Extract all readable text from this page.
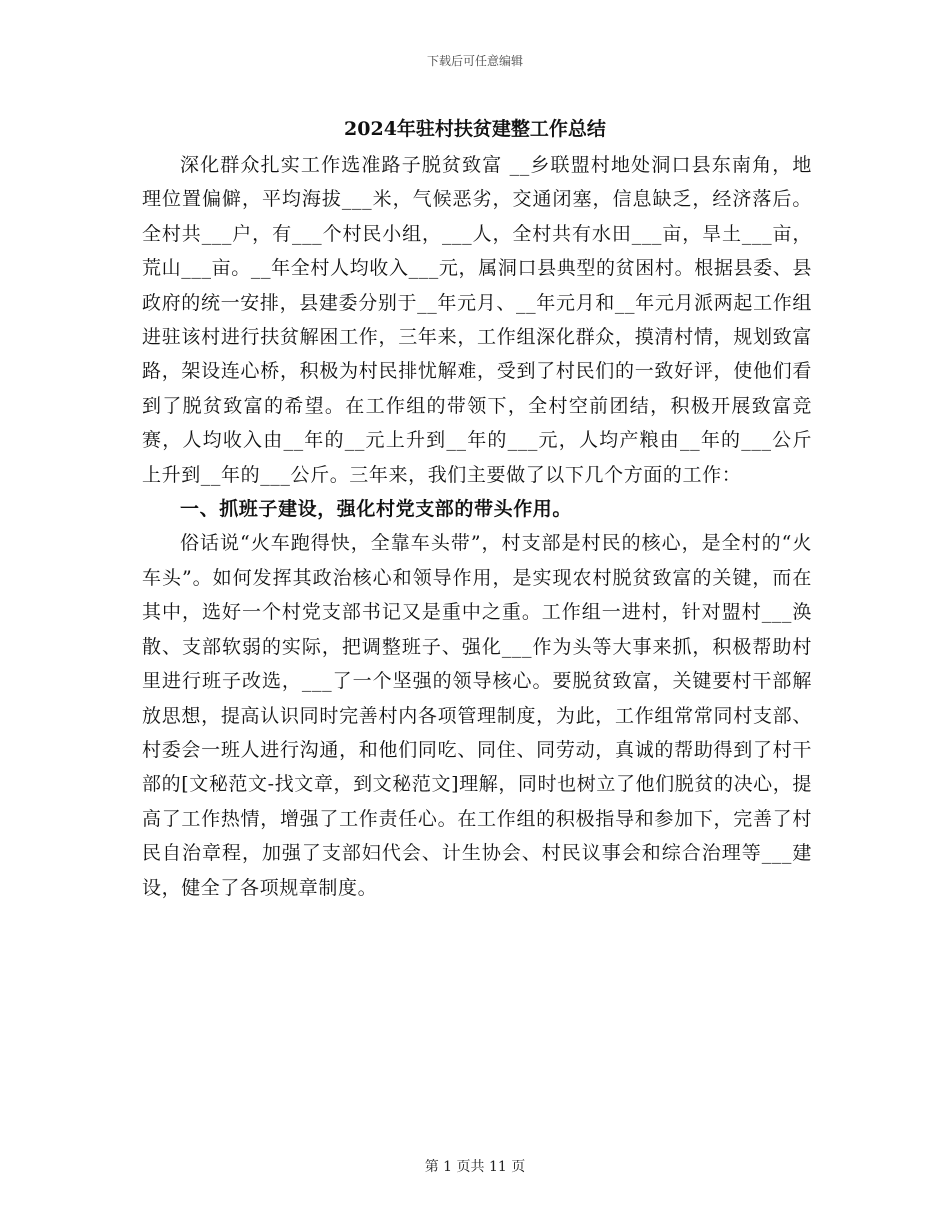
下载后可任意编辑
2024年驻村扶贫建整工作总结

深化群众扎实工作选准路子脱贫致富 __乡联盟村地处洞口县东南角，地理位置偏僻，平均海拔___米，气候恶劣，交通闭塞，信息缺乏，经济落后。全村共___户，有___个村民小组，___人，全村共有水田___亩，旱土___亩，荒山___亩。__年全村人均收入___元，属洞口县典型的贫困村。根据县委、县政府的统一安排，县建委分别于__年元月、__年元月和__年元月派两起工作组进驻该村进行扶贫解困工作，三年来，工作组深化群众，摸清村情，规划致富路，架设连心桥，积极为村民排忧解难，受到了村民们的一致好评，使他们看到了脱贫致富的希望。在工作组的带领下，全村空前团结，积极开展致富竞赛，人均收入由__年的__元上升到__年的___元，人均产粮由__年的___公斤上升到__年的___公斤。三年来，我们主要做了以下几个方面的工作：

一、抓班子建设，强化村党支部的带头作用。

俗话说“火车跑得快，全靠车头带”，村支部是村民的核心，是全村的“火车头”。如何发挥其政治核心和领导作用，是实现农村脱贫致富的关键，而在其中，选好一个村党支部书记又是重中之重。工作组一进村，针对盟村___涣散、支部软弱的实际，把调整班子、强化___作为头等大事来抓，积极帮助村里进行班子改选，___了一个坚强的领导核心。要脱贫致富，关键要村干部解放思想，提高认识同时完善村内各项管理制度，为此，工作组常常同村支部、村委会一班人进行沟通，和他们同吃、同住、同劳动，真诚的帮助得到了村干部的[文秘范文-找文章，到文秘范文]理解，同时也树立了他们脱贫的决心，提高了工作热情，增强了工作责任心。在工作组的积极指导和参加下，完善了村民自治章程，加强了支部妇代会、计生协会、村民议事会和综合治理等___建设，健全了各项规章制度。

第 1 页共 11 页
